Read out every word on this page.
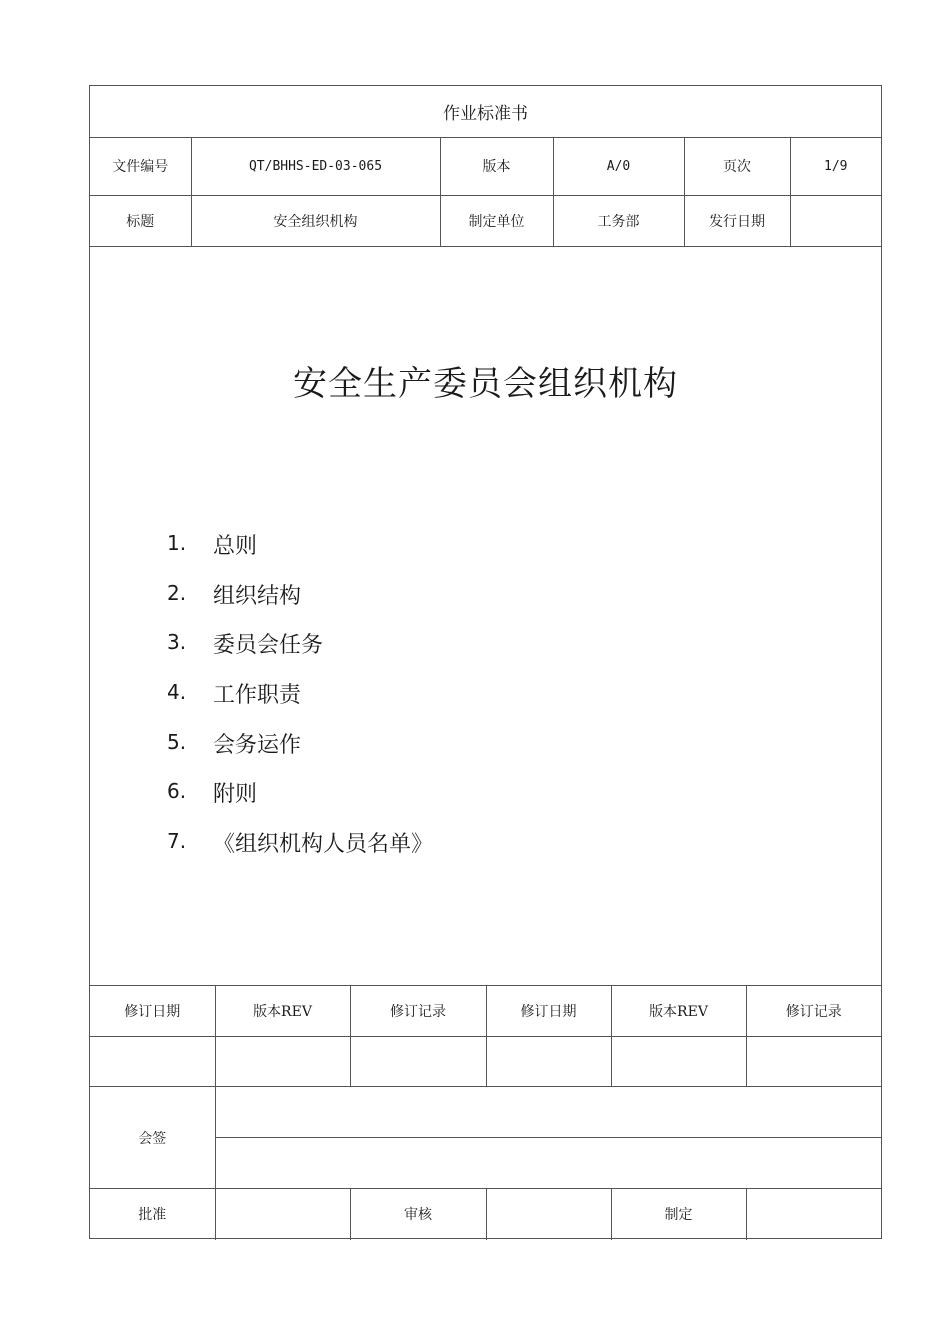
作业标准书					
文件编号	QT/BHHS-ED-03-065	版本	A/0	页次	1/9
标题	安全组织机构	制定单位	工务部	发行日期	
安全生产委员会组织机构
1.	总则
2.	组织结构
3.	委员会任务
4.	工作职责
5.	会务运作
6.	附则
7.	《组织机构人员名单》
修订日期	版本REV	修订记录	修订日期	版本REV	修订记录

会签					

批准		审核		制定	
